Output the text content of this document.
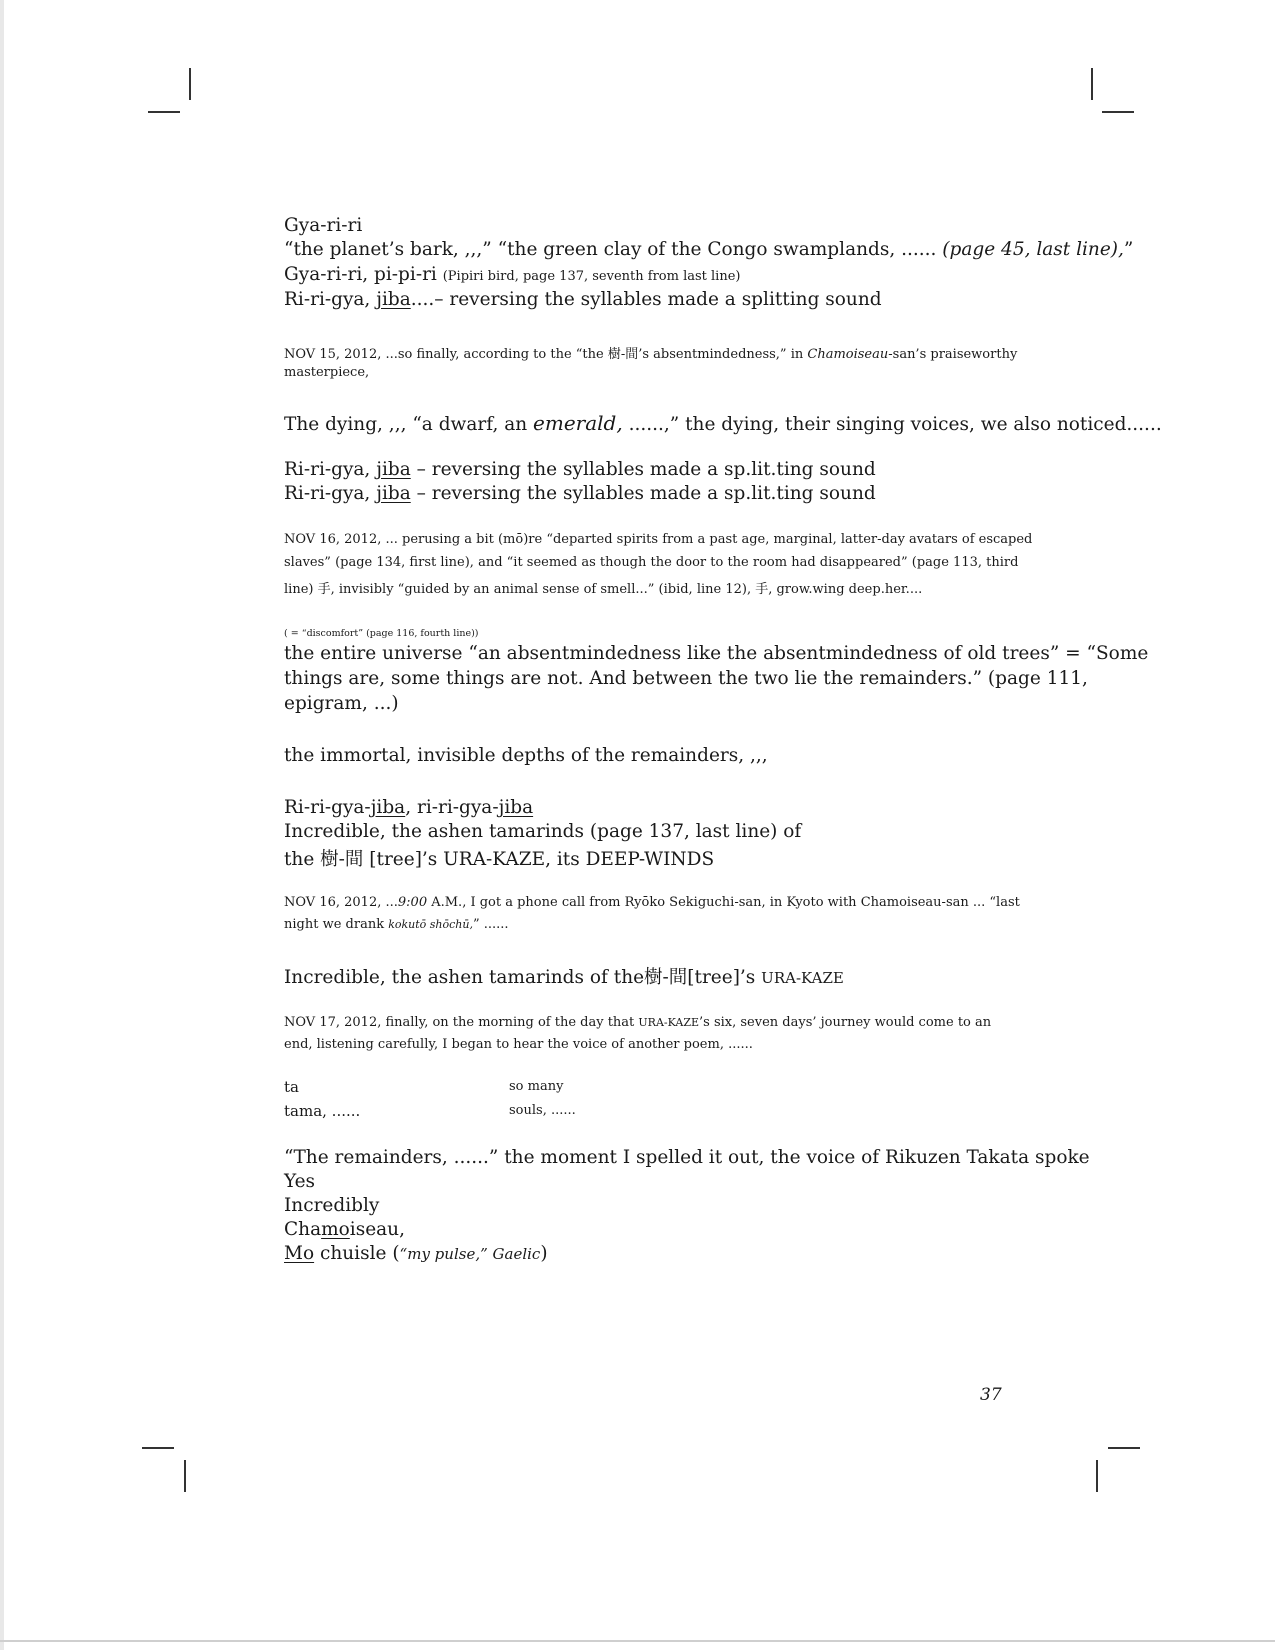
Gya-ri-ri
“the planet’s bark, ,,,” “the green clay of the Congo swamplands, ...... (page 45, last line),”
Gya-ri-ri, pi-pi-ri (Pipiri bird, page 137, seventh from last line)
Ri-ri-gya, jiba....– reversing the syllables made a splitting sound
NOV 15, 2012, ...so finally, according to the “the 樹-間’s absentmindedness,” in Chamoiseau-san’s praiseworthy
masterpiece,
The dying, ,,, “a dwarf, an emerald, ......,” the dying, their singing voices, we also noticed......
Ri-ri-gya, jiba – reversing the syllables made a sp.lit.ting sound
Ri-ri-gya, jiba – reversing the syllables made a sp.lit.ting sound
NOV 16, 2012, ... perusing a bit (mō)re “departed spirits from a past age, marginal, latter-day avatars of escaped
slaves” (page 134, first line), and “it seemed as though the door to the room had disappeared” (page 113, third
line) 手, invisibly “guided by an animal sense of smell...” (ibid, line 12), 手, grow.wing deep.her....
( = “discomfort” (page 116, fourth line))
the entire universe “an absentmindedness like the absentmindedness of old trees” = “Some
things are, some things are not. And between the two lie the remainders.” (page 111,
epigram, ...)
the immortal, invisible depths of the remainders, ,,,
Ri-ri-gya-jiba, ri-ri-gya-jiba
Incredible, the ashen tamarinds (page 137, last line) of
the 樹-間 [tree]’s URA-KAZE, its DEEP-WINDS
NOV 16, 2012, ...9:00 A.M., I got a phone call from Ryōko Sekiguchi-san, in Kyoto with Chamoiseau-san ... “last
night we drank kokutō shōchū,” ......
Incredible, the ashen tamarinds of the樹-間[tree]’s URA-KAZE
NOV 17, 2012, finally, on the morning of the day that URA-KAZE’s six, seven days’ journey would come to an
end, listening carefully, I began to hear the voice of another poem, ......
ta	so many
tama, ......	souls, ......
“The remainders, ......” the moment I spelled it out, the voice of Rikuzen Takata spoke
Yes
Incredibly
Chamoiseau,
Mo chuisle (“my pulse,” Gaelic)
37
